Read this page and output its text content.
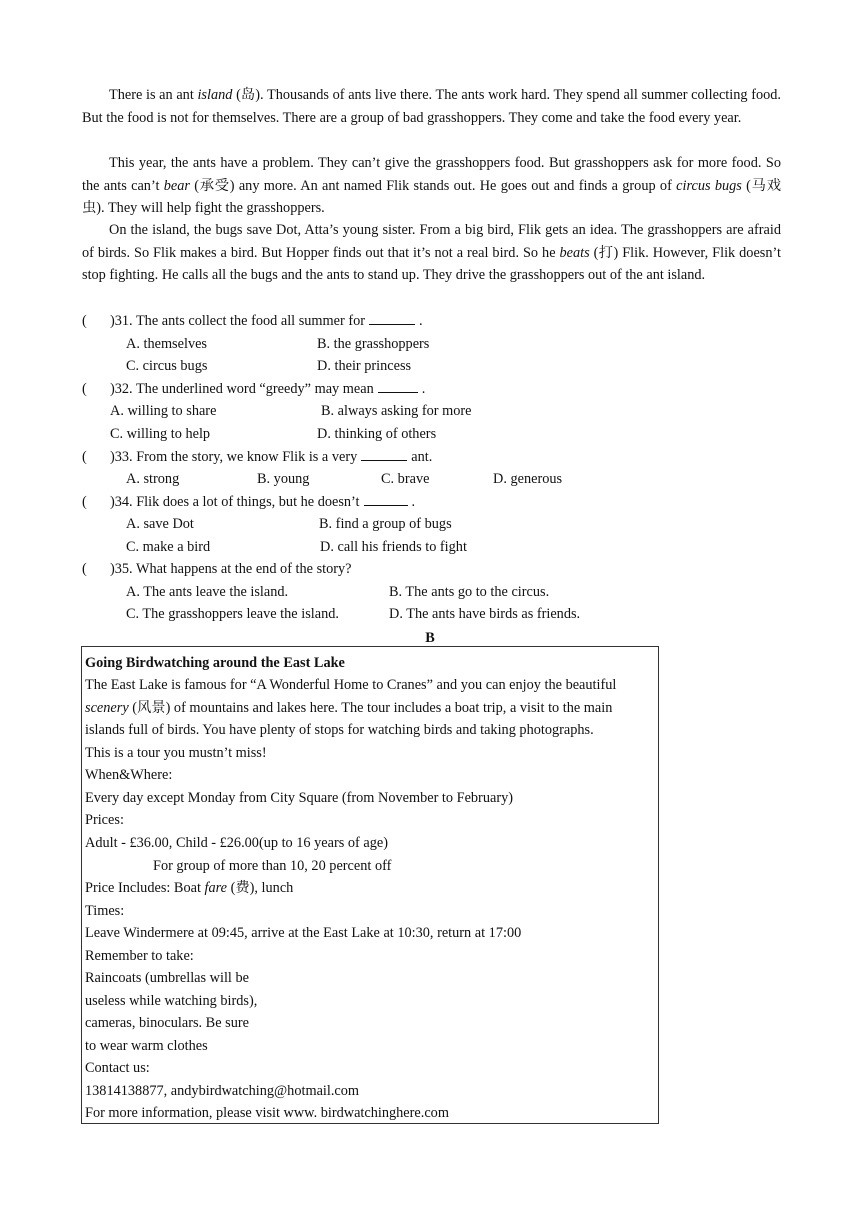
There is an ant island (岛). Thousands of ants live there. The ants work hard. They spend all summer collecting food. But the food is not for themselves. There are a group of bad grasshoppers. They come and take the food every year.

This year, the ants have a problem. They can’t give the grasshoppers food. But grasshoppers ask for more food. So the ants can’t bear (承受) any more. An ant named Flik stands out. He goes out and finds a group of circus bugs (马戏虫). They will help fight the grasshoppers.

On the island, the bugs save Dot, Atta’s young sister. From a big bird, Flik gets an idea. The grasshoppers are afraid of birds. So Flik makes a bird. But Hopper finds out that it’s not a real bird. So he beats (打) Flik. However, Flik doesn’t stop fighting. He calls all the bugs and the ants to stand up. They drive the grasshoppers out of the ant island.

( )31. The ants collect the food all summer for	.
A. themselves	B. the grasshoppers
C. circus bugs	D. their princess
( )32. The underlined word “greedy” may mean	.
A. willing to share	B. always asking for more
C. willing to help	D. thinking of others
( )33. From the story, we know Flik is a very	ant.
A. strong	B. young	C. brave	D. generous
( )34. Flik does a lot of things, but he doesn’t	.
A. save Dot	B. find a group of bugs
C. make a bird	D. call his friends to fight
( )35. What happens at the end of the story?
A. The ants leave the island.	B. The ants go to the circus.
C. The grasshoppers leave the island.	D. The ants have birds as friends.
B
Going Birdwatching around the East Lake
The East Lake is famous for “A Wonderful Home to Cranes” and you can enjoy the beautiful
scenery (风景) of mountains and lakes here. The tour includes a boat trip, a visit to the main
islands full of birds. You have plenty of stops for watching birds and taking photographs.
This is a tour you mustn’t miss!
When&Where:
Every day except Monday from City Square (from November to February)
Prices:
Adult - £36.00, Child - £26.00(up to 16 years of age)
For group of more than 10, 20 percent off
Price Includes: Boat fare (费), lunch
Times:
Leave Windermere at 09:45, arrive at the East Lake at 10:30, return at 17:00
Remember to take:
Raincoats (umbrellas will be
useless while watching birds),
cameras, binoculars. Be sure
to wear warm clothes
Contact us:
13814138877, andybirdwatching@hotmail.com
For more information, please visit www. birdwatchinghere.com
